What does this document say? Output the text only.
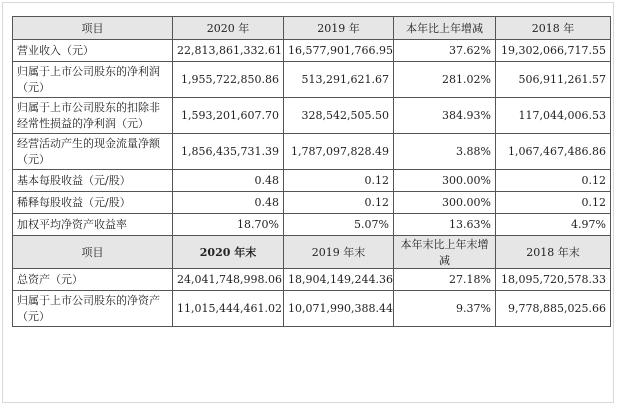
项目	2020 年	2019 年	本年比上年增减	2018 年
营业收入（元）	22,813,861,332.61	16,577,901,766.95	37.62%	19,302,066,717.55
归属于上市公司股东的净利润（元）	1,955,722,850.86	513,291,621.67	281.02%	506,911,261.57
归属于上市公司股东的扣除非经常性损益的净利润（元）	1,593,201,607.70	328,542,505.50	384.93%	117,044,006.53
经营活动产生的现金流量净额（元）	1,856,435,731.39	1,787,097,828.49	3.88%	1,067,467,486.86
基本每股收益（元/股）	0.48	0.12	300.00%	0.12
稀释每股收益（元/股）	0.48	0.12	300.00%	0.12
加权平均净资产收益率	18.70%	5.07%	13.63%	4.97%
项目	2020 年末	2019 年末	本年末比上年末增减	2018 年末
总资产（元）	24,041,748,998.06	18,904,149,244.36	27.18%	18,095,720,578.33
归属于上市公司股东的净资产（元）	11,015,444,461.02	10,071,990,388.44	9.37%	9,778,885,025.66
